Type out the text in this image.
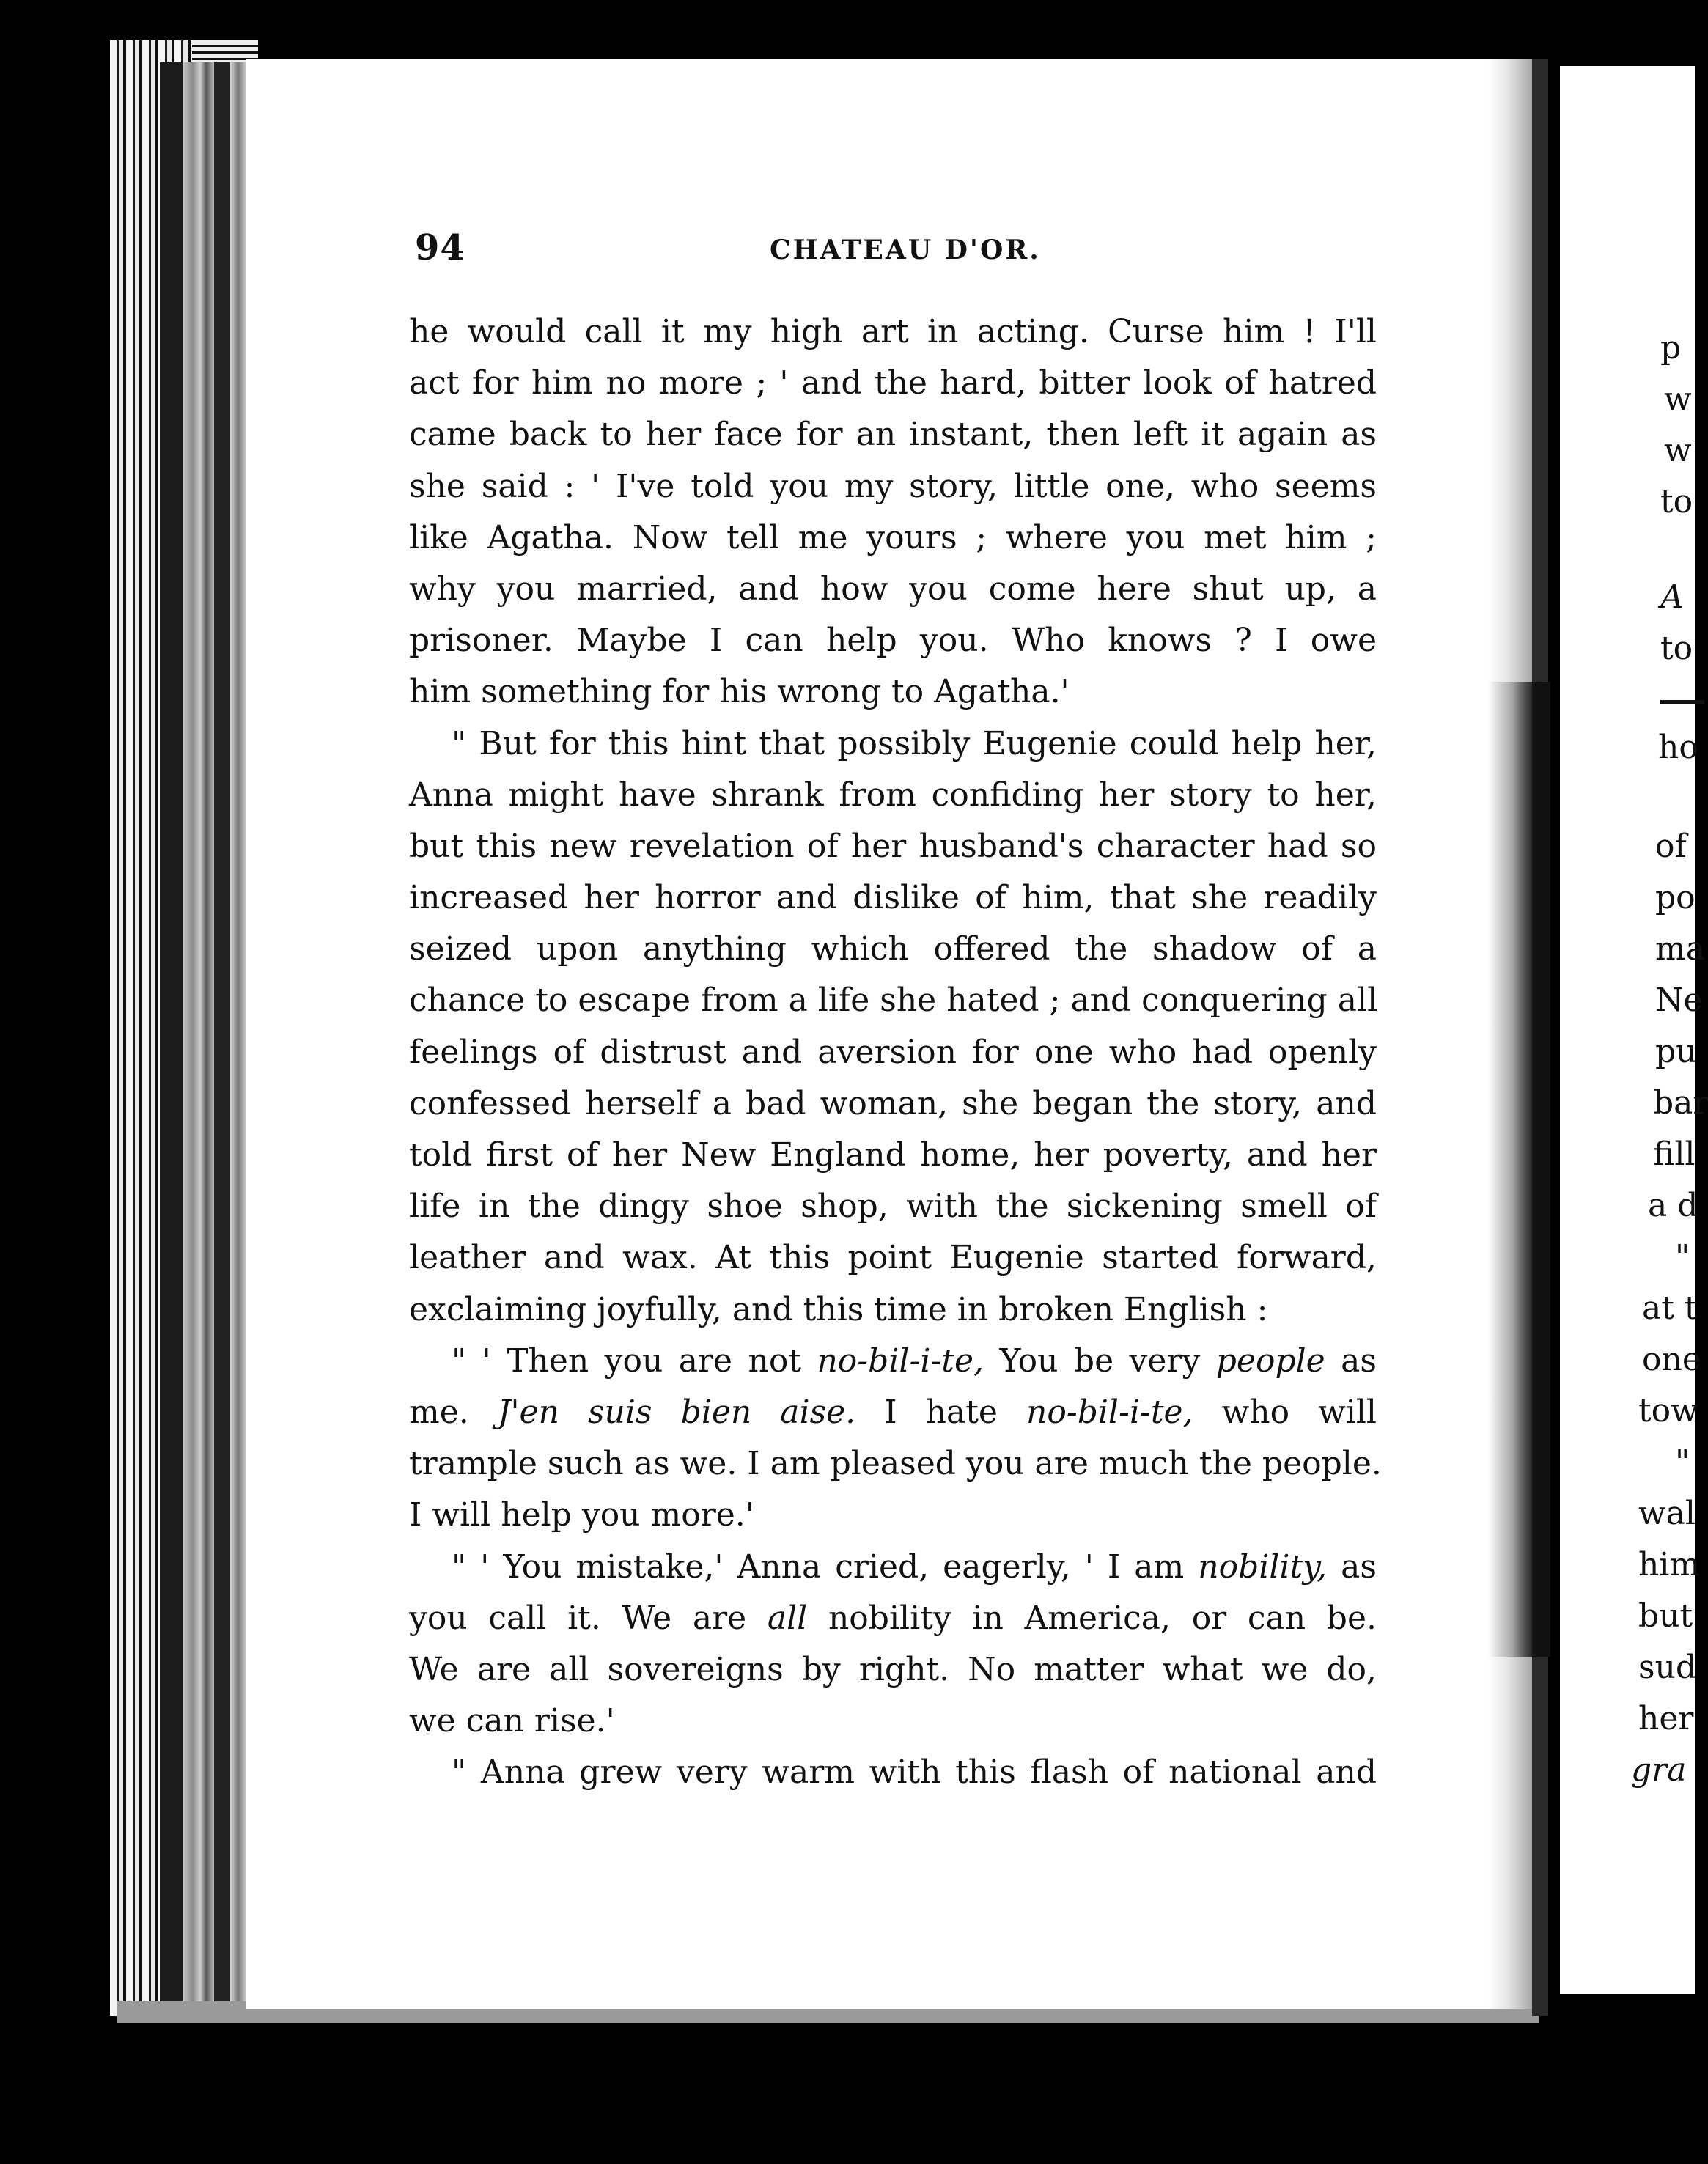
94	CHATEAU D'OR.
he would call it my high art in acting. Curse him ! I'll
act for him no more ; ' and the hard, bitter look of hatred
came back to her face for an instant, then left it again as
she said : ' I've told you my story, little one, who seems
like Agatha. Now tell me yours ; where you met him ;
why you married, and how you come here shut up, a
prisoner. Maybe I can help you. Who knows ? I owe
him something for his wrong to Agatha.'
" But for this hint that possibly Eugenie could help her,
Anna might have shrank from confiding her story to her,
but this new revelation of her husband's character had so
increased her horror and dislike of him, that she readily
seized upon anything which offered the shadow of a
chance to escape from a life she hated ; and conquering all
feelings of distrust and aversion for one who had openly
confessed herself a bad woman, she began the story, and
told first of her New England home, her poverty, and her
life in the dingy shoe shop, with the sickening smell of
leather and wax. At this point Eugenie started forward,
exclaiming joyfully, and this time in broken English :
" ' Then you are not no-bil-i-te, You be very people as
me. J'en suis bien aise. I hate no-bil-i-te, who will
trample such as we. I am pleased you are much the people.
I will help you more.'
" ' You mistake,' Anna cried, eagerly, ' I am nobility, as
you call it. We are all nobility in America, or can be.
We are all sovereigns by right. No matter what we do,
we can rise.'
" Anna grew very warm with this flash of national and
p
w
w
to
A
to
ho
of
po
ma
Ne
pu
bar
fill
a d
"
at t
one
tow
"
wal
him
but
sud
her
gra
